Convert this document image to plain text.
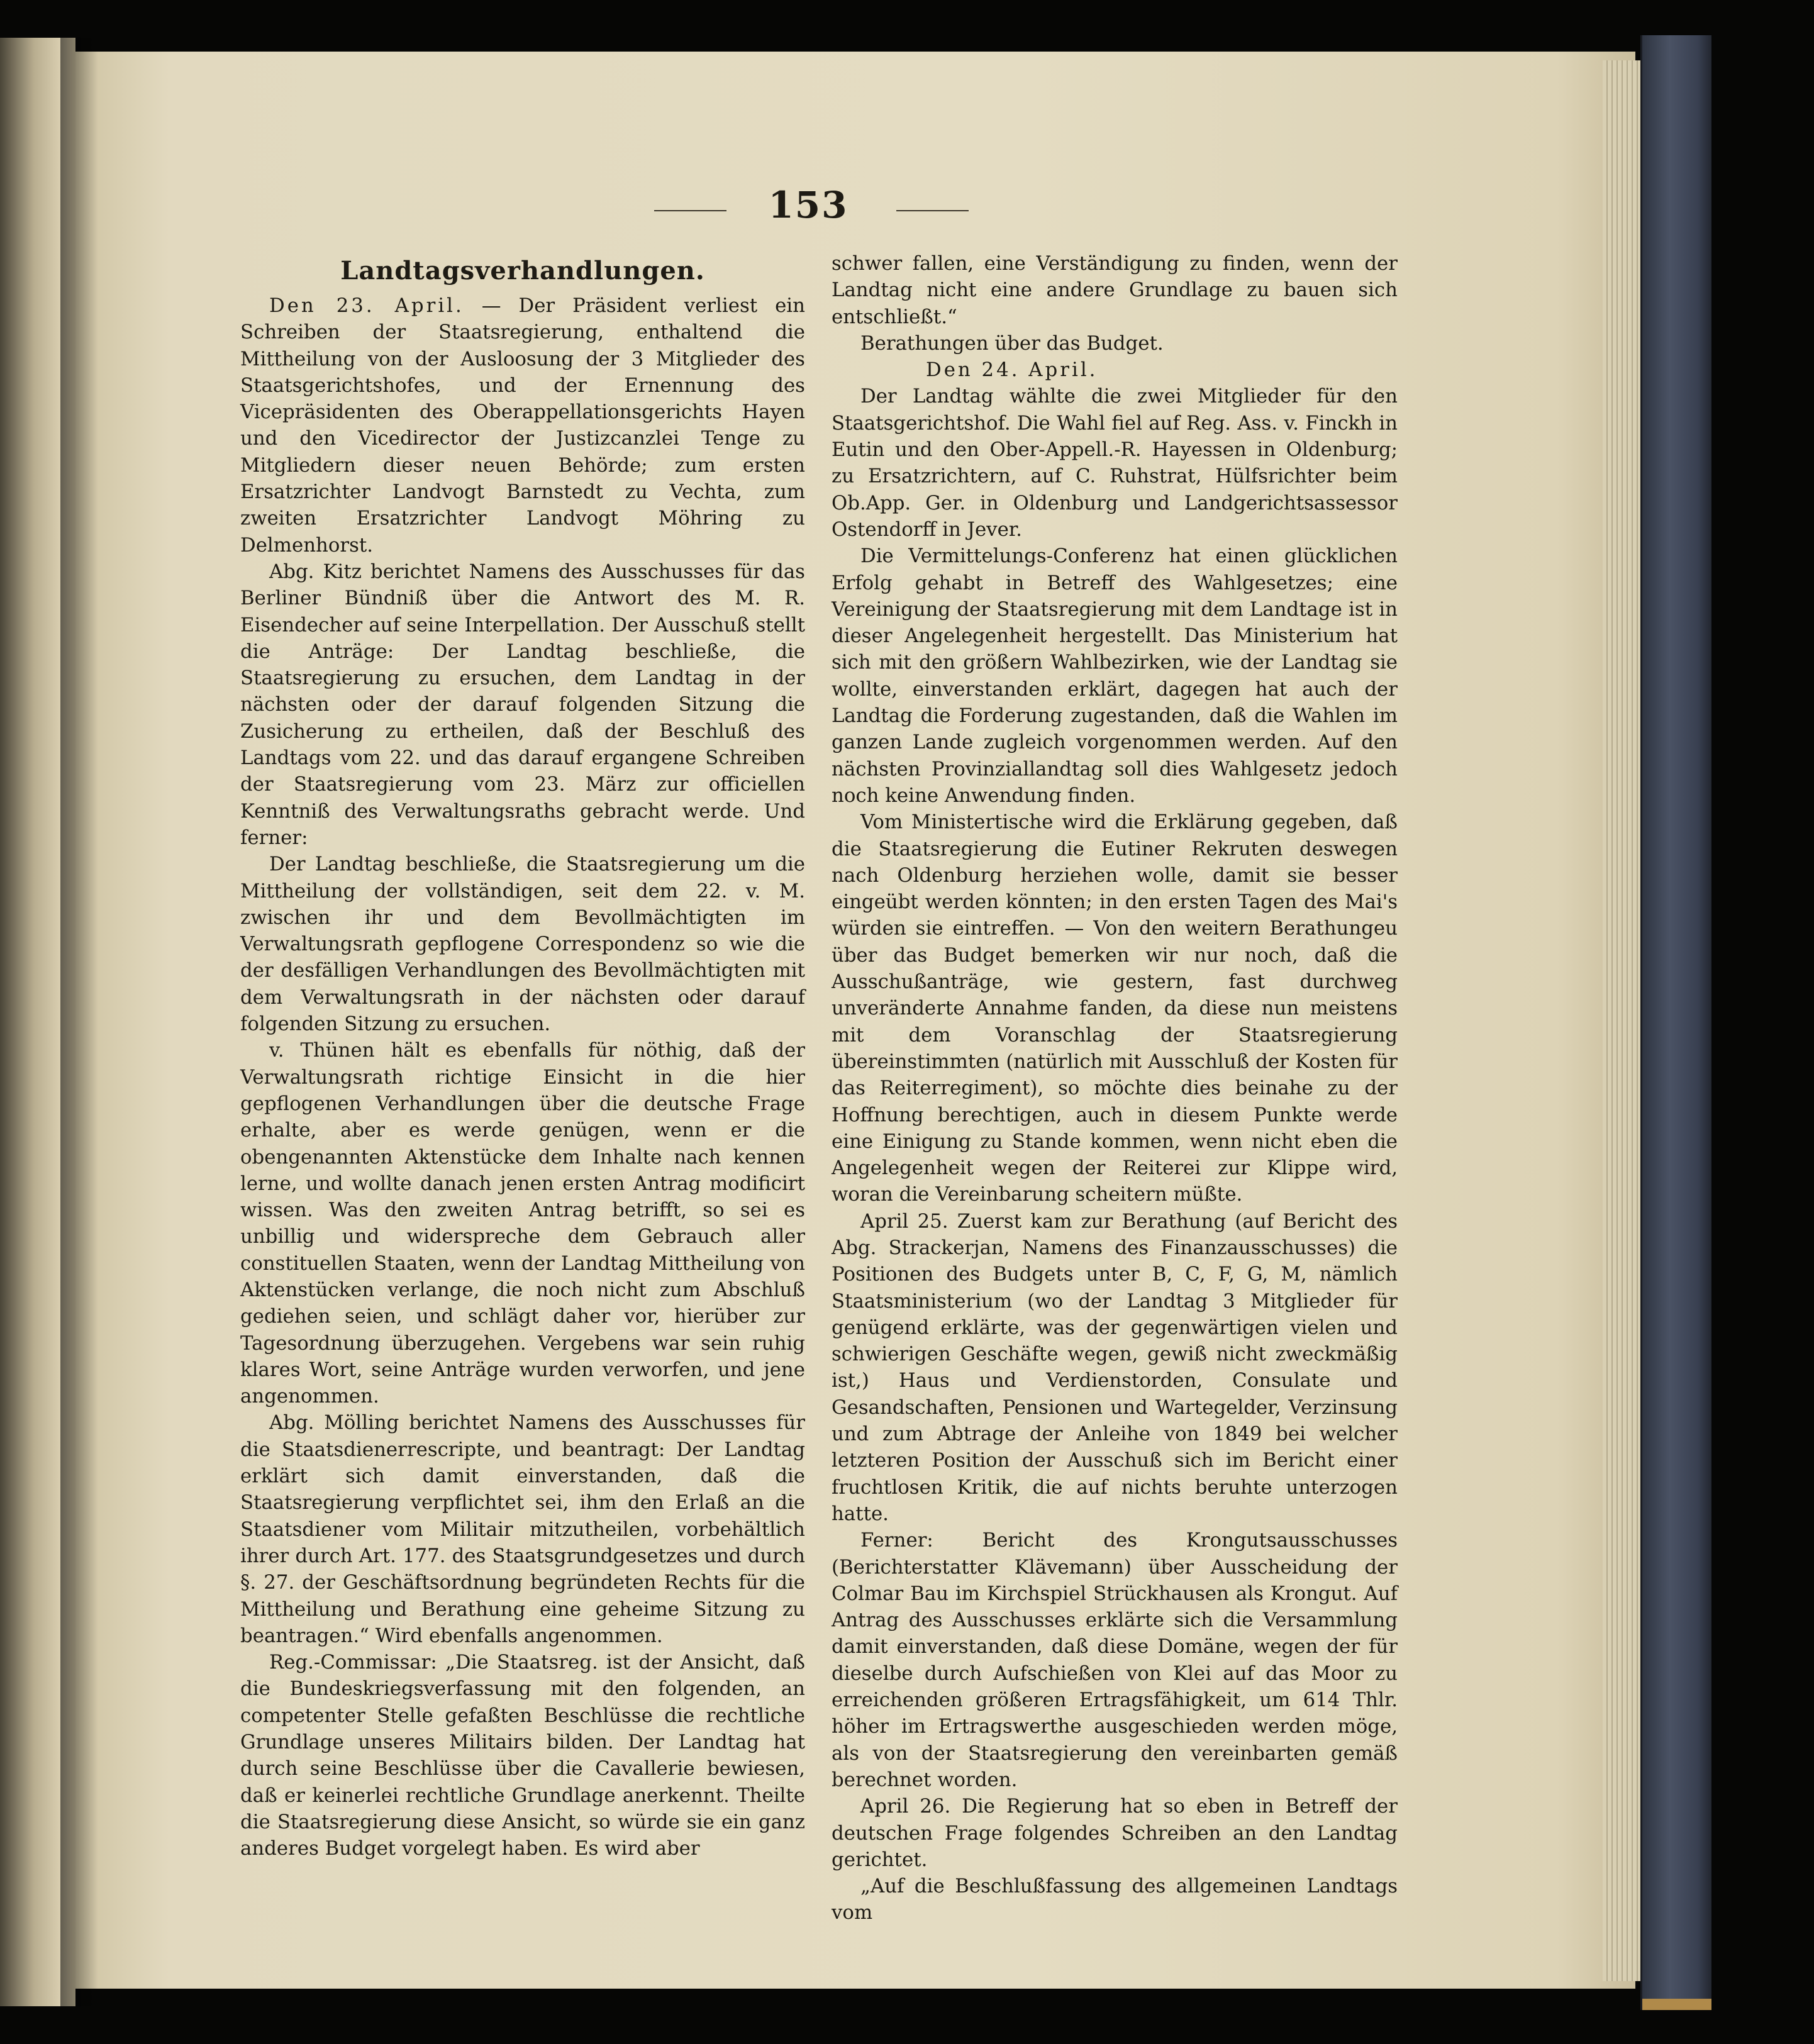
153
Landtagsverhandlungen.

Den 23. April. — Der Präsident verliest ein Schreiben der Staatsregierung, enthaltend die Mittheilung von der Ausloosung der 3 Mitglieder des Staatsgerichtshofes, und der Ernennung des Vicepräsidenten des Oberappellationsgerichts Hayen und den Vicedirector der Justizcanzlei Tenge zu Mitgliedern dieser neuen Behörde; zum ersten Ersatzrichter Landvogt Barnstedt zu Vechta, zum zweiten Ersatzrichter Landvogt Möhring zu Delmenhorst.

Abg. Kitz berichtet Namens des Ausschusses für das Berliner Bündniß über die Antwort des M. R. Eisendecher auf seine Interpellation. Der Ausschuß stellt die Anträge: Der Landtag beschließe, die Staatsregierung zu ersuchen, dem Landtag in der nächsten oder der darauf folgenden Sitzung die Zusicherung zu ertheilen, daß der Beschluß des Landtags vom 22. und das darauf ergangene Schreiben der Staatsregierung vom 23. März zur officiellen Kenntniß des Verwaltungsraths gebracht werde. Und ferner:

Der Landtag beschließe, die Staatsregierung um die Mittheilung der vollständigen, seit dem 22. v. M. zwischen ihr und dem Bevollmächtigten im Verwaltungsrath gepflogene Correspondenz so wie die der desfälligen Verhandlungen des Bevollmächtigten mit dem Verwaltungsrath in der nächsten oder darauf folgenden Sitzung zu ersuchen.

v. Thünen hält es ebenfalls für nöthig, daß der Verwaltungsrath richtige Einsicht in die hier gepflogenen Verhandlungen über die deutsche Frage erhalte, aber es werde genügen, wenn er die obengenannten Aktenstücke dem Inhalte nach kennen lerne, und wollte danach jenen ersten Antrag modificirt wissen. Was den zweiten Antrag betrifft, so sei es unbillig und widerspreche dem Gebrauch aller constituellen Staaten, wenn der Landtag Mittheilung von Aktenstücken verlange, die noch nicht zum Abschluß gediehen seien, und schlägt daher vor, hierüber zur Tagesordnung überzugehen. Vergebens war sein ruhig klares Wort, seine Anträge wurden verworfen, und jene angenommen.

Abg. Mölling berichtet Namens des Ausschusses für die Staatsdienerrescripte, und beantragt: Der Landtag erklärt sich damit einverstanden, daß die Staatsregierung verpflichtet sei, ihm den Erlaß an die Staatsdiener vom Militair mitzutheilen, vorbehältlich ihrer durch Art. 177. des Staatsgrundgesetzes und durch §. 27. der Geschäftsordnung begründeten Rechts für die Mittheilung und Berathung eine geheime Sitzung zu beantragen.“ Wird ebenfalls angenommen.

Reg.-Commissar: „Die Staatsreg. ist der Ansicht, daß die Bundeskriegsverfassung mit den folgenden, an competenter Stelle gefaßten Beschlüsse die rechtliche Grundlage unseres Militairs bilden. Der Landtag hat durch seine Beschlüsse über die Cavallerie bewiesen, daß er keinerlei rechtliche Grundlage anerkennt. Theilte die Staatsregierung diese Ansicht, so würde sie ein ganz anderes Budget vorgelegt haben. Es wird aber

schwer fallen, eine Verständigung zu finden, wenn der Landtag nicht eine andere Grundlage zu bauen sich entschließt.“

Berathungen über das Budget.

Den 24. April.

Der Landtag wählte die zwei Mitglieder für den Staatsgerichtshof. Die Wahl fiel auf Reg. Ass. v. Finckh in Eutin und den Ober-Appell.-R. Hayessen in Oldenburg; zu Ersatzrichtern, auf C. Ruhstrat, Hülfsrichter beim Ob.App. Ger. in Oldenburg und Landgerichtsassessor Ostendorff in Jever.

Die Vermittelungs-Conferenz hat einen glücklichen Erfolg gehabt in Betreff des Wahlgesetzes; eine Vereinigung der Staatsregierung mit dem Landtage ist in dieser Angelegenheit hergestellt. Das Ministerium hat sich mit den größern Wahlbezirken, wie der Landtag sie wollte, einverstanden erklärt, dagegen hat auch der Landtag die Forderung zugestanden, daß die Wahlen im ganzen Lande zugleich vorgenommen werden. Auf den nächsten Provinziallandtag soll dies Wahlgesetz jedoch noch keine Anwendung finden.

Vom Ministertische wird die Erklärung gegeben, daß die Staatsregierung die Eutiner Rekruten deswegen nach Oldenburg herziehen wolle, damit sie besser eingeübt werden könnten; in den ersten Tagen des Mai's würden sie eintreffen. — Von den weitern Berathungeu über das Budget bemerken wir nur noch, daß die Ausschußanträge, wie gestern, fast durchweg unveränderte Annahme fanden, da diese nun meistens mit dem Voranschlag der Staatsregierung übereinstimmten (natürlich mit Ausschluß der Kosten für das Reiterregiment), so möchte dies beinahe zu der Hoffnung berechtigen, auch in diesem Punkte werde eine Einigung zu Stande kommen, wenn nicht eben die Angelegenheit wegen der Reiterei zur Klippe wird, woran die Vereinbarung scheitern müßte.

April 25. Zuerst kam zur Berathung (auf Bericht des Abg. Strackerjan, Namens des Finanzausschusses) die Positionen des Budgets unter B, C, F, G, M, nämlich Staatsministerium (wo der Landtag 3 Mitglieder für genügend erklärte, was der gegenwärtigen vielen und schwierigen Geschäfte wegen, gewiß nicht zweckmäßig ist,) Haus und Verdienstorden, Consulate und Gesandschaften, Pensionen und Wartegelder, Verzinsung und zum Abtrage der Anleihe von 1849 bei welcher letzteren Position der Ausschuß sich im Bericht einer fruchtlosen Kritik, die auf nichts beruhte unterzogen hatte.

Ferner: Bericht des Krongutsausschusses (Berichterstatter Klävemann) über Ausscheidung der Colmar Bau im Kirchspiel Strückhausen als Krongut. Auf Antrag des Ausschusses erklärte sich die Versammlung damit einverstanden, daß diese Domäne, wegen der für dieselbe durch Aufschießen von Klei auf das Moor zu erreichenden größeren Ertragsfähigkeit, um 614 Thlr. höher im Ertragswerthe ausgeschieden werden möge, als von der Staatsregierung den vereinbarten gemäß berechnet worden.

April 26. Die Regierung hat so eben in Betreff der deutschen Frage folgendes Schreiben an den Landtag gerichtet.

„Auf die Beschlußfassung des allgemeinen Landtags vom
